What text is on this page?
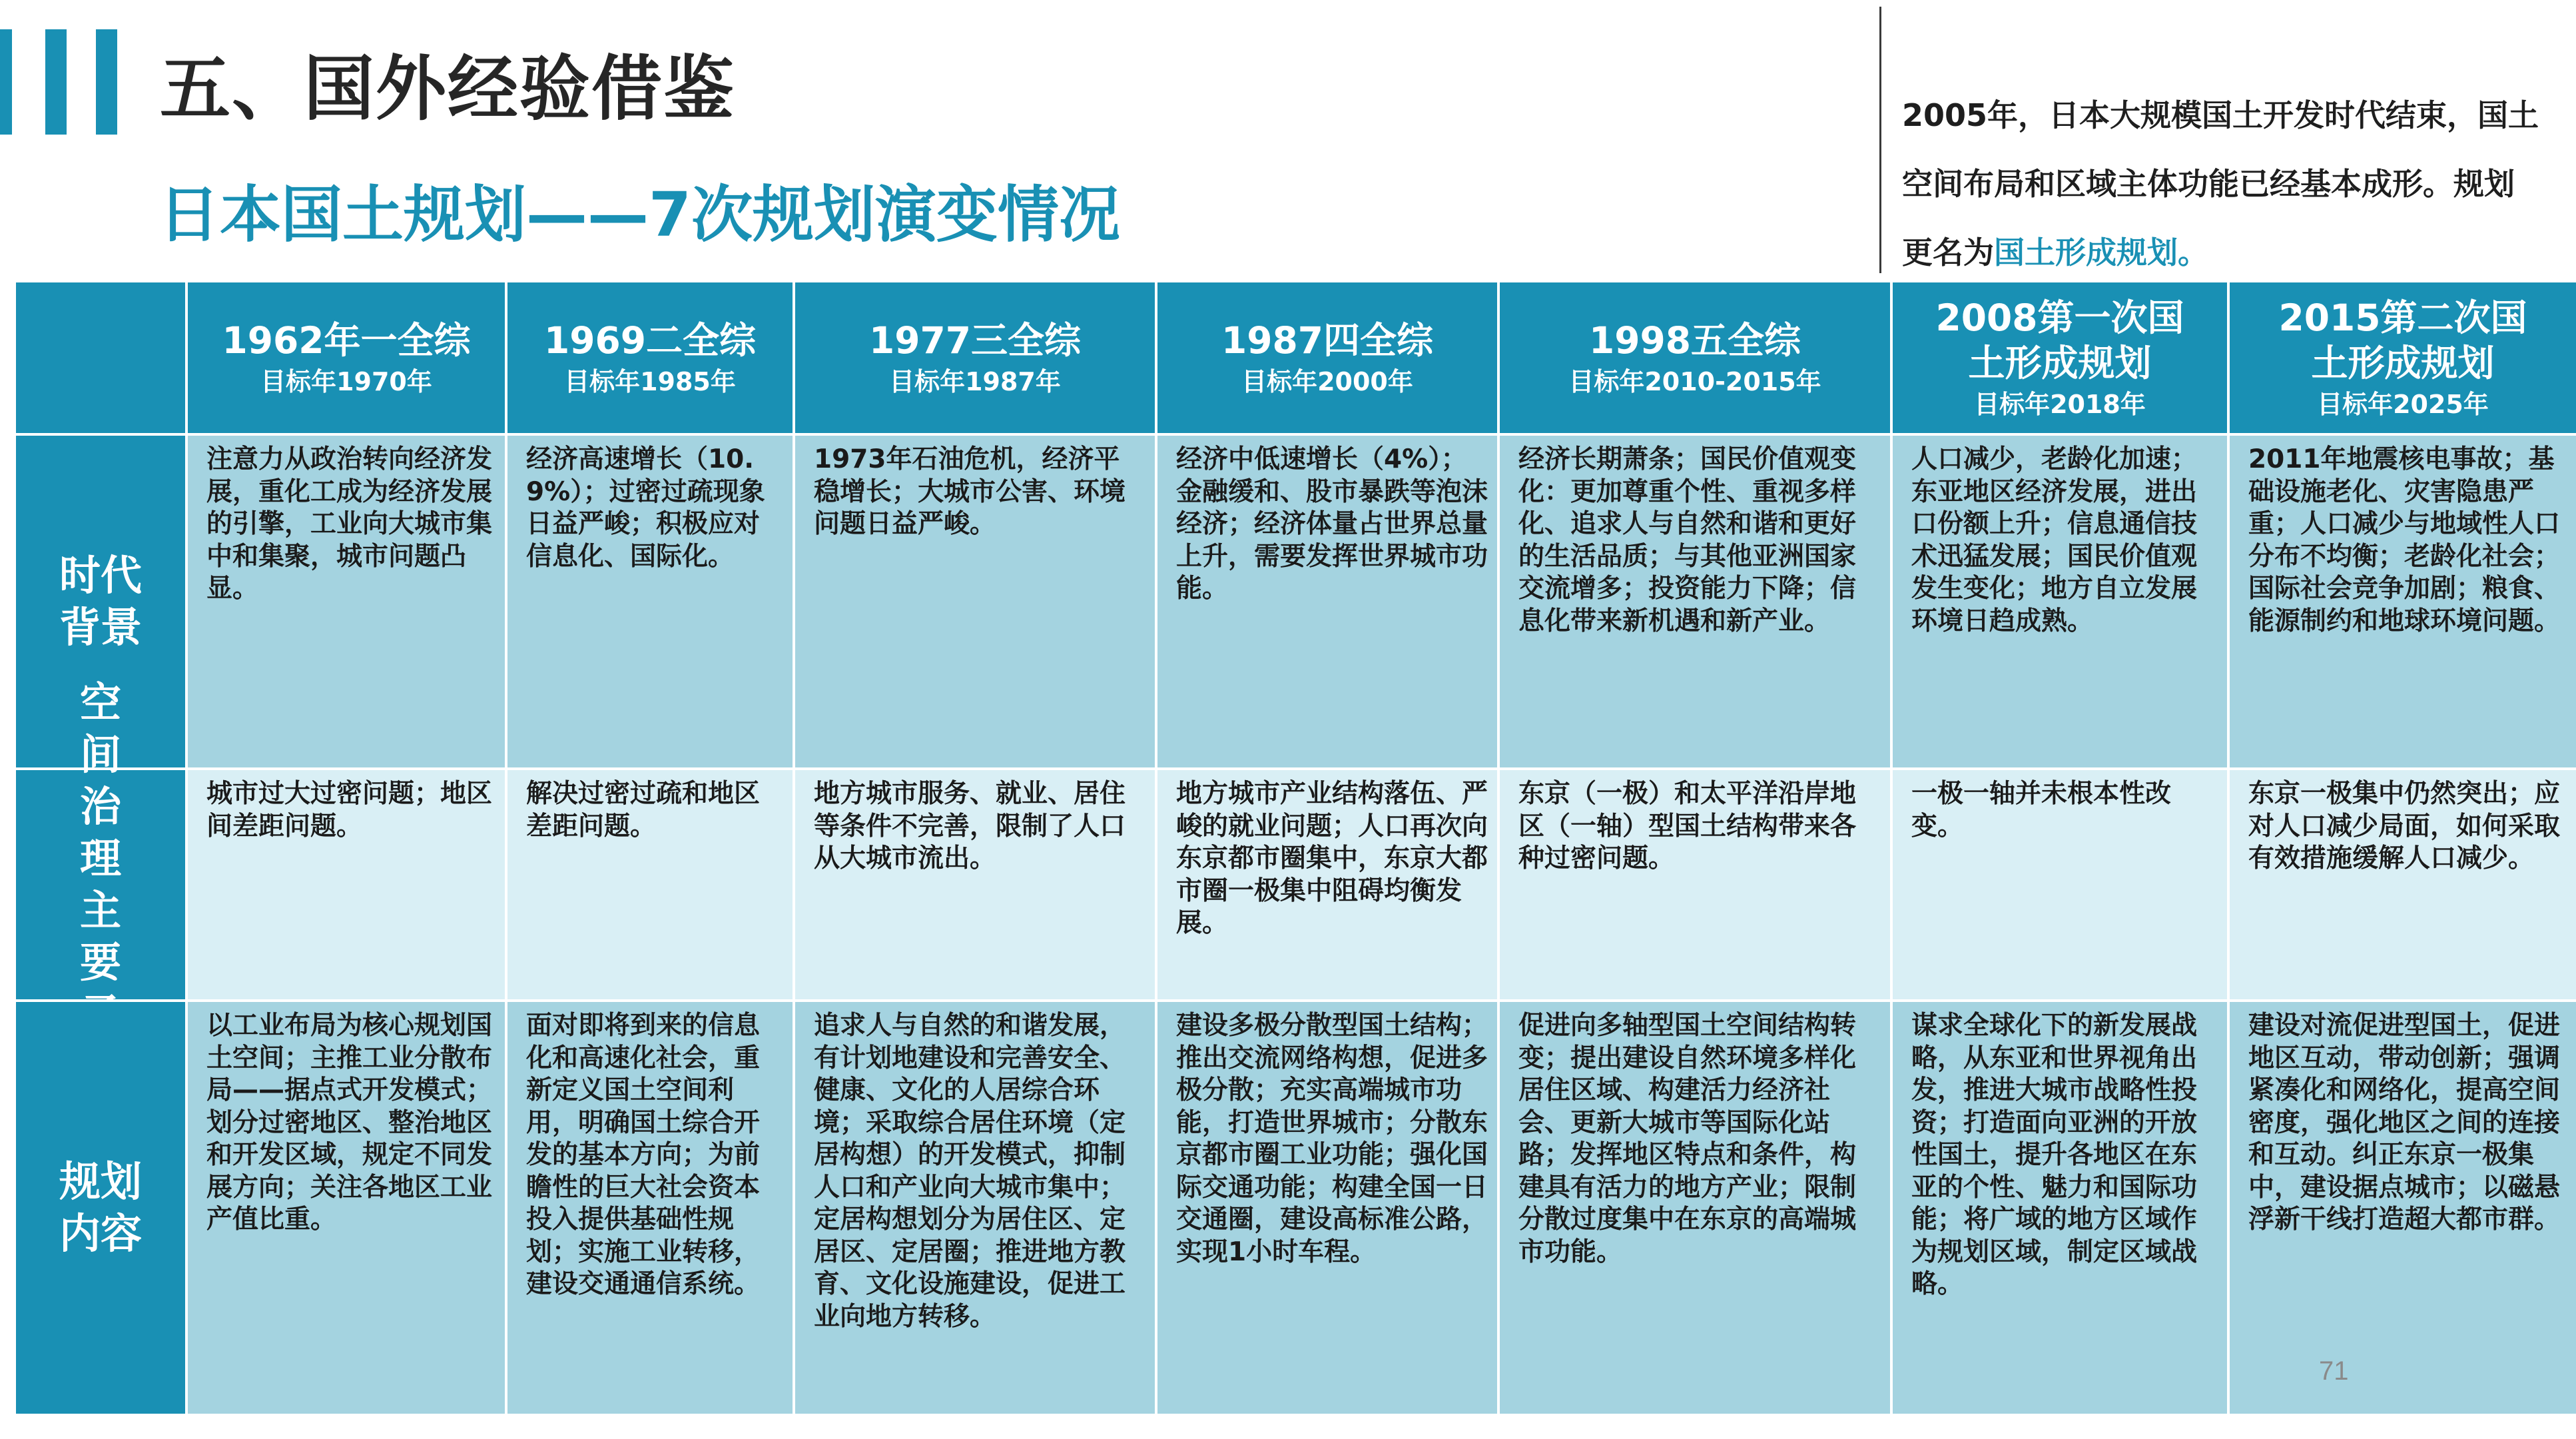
五、国外经验借鉴
日本国土规划——7次规划演变情况
2005年，日本大规模国土开发时代结束，国土空间布局和区域主体功能已经基本成形。规划更名为国土形成规划。
1962年一全综
目标年1970年
1969二全综
目标年1985年
1977三全综
目标年1987年
1987四全综
目标年2000年
1998五全综
目标年2010-2015年
2008第一次国土形成规划
目标年2018年
2015第二次国土形成规划
目标年2025年
时代背景
注意力从政治转向经济发展，重化工成为经济发展的引擎，工业向大城市集中和集聚，城市问题凸显。
经济高速增长（10.9%）；过密过疏现象日益严峻；积极应对信息化、国际化。
1973年石油危机，经济平稳增长；大城市公害、环境问题日益严峻。
经济中低速增长（4%）；金融缓和、股市暴跌等泡沫经济；经济体量占世界总量上升，需要发挥世界城市功能。
经济长期萧条；国民价值观变化：更加尊重个性、重视多样化、追求人与自然和谐和更好的生活品质；与其他亚洲国家交流增多；投资能力下降；信息化带来新机遇和新产业。
人口减少，老龄化加速；东亚地区经济发展，进出口份额上升；信息通信技术迅猛发展；国民价值观发生变化；地方自立发展环境日趋成熟。
2011年地震核电事故；基础设施老化、灾害隐患严重；人口减少与地域性人口分布不均衡；老龄化社会；国际社会竞争加剧；粮食、能源制约和地球环境问题。
空间治理主要
城市过大过密问题；地区间差距问题。
解决过密过疏和地区差距问题。
地方城市服务、就业、居住等条件不完善，限制了人口从大城市流出。
地方城市产业结构落伍、严峻的就业问题；人口再次向东京都市圈集中，东京大都市圈一极集中阻碍均衡发展。
东京（一极）和太平洋沿岸地区（一轴）型国土结构带来各种过密问题。
一极一轴并未根本性改变。
东京一极集中仍然突出；应对人口减少局面，如何采取有效措施缓解人口减少。
规划内容
以工业布局为核心规划国土空间；主推工业分散布局——据点式开发模式；划分过密地区、整治地区和开发区域，规定不同发展方向；关注各地区工业产值比重。
面对即将到来的信息化和高速化社会，重新定义国土空间利用，明确国土综合开发的基本方向；为前瞻性的巨大社会资本投入提供基础性规划；实施工业转移，建设交通通信系统。
追求人与自然的和谐发展，有计划地建设和完善安全、健康、文化的人居综合环境；采取综合居住环境（定居构想）的开发模式，抑制人口和产业向大城市集中；定居构想划分为居住区、定居区、定居圈；推进地方教育、文化设施建设，促进工业向地方转移。
建设多极分散型国土结构；推出交流网络构想，促进多极分散；充实高端城市功能，打造世界城市；分散东京都市圈工业功能；强化国际交通功能；构建全国一日交通圈，建设高标准公路，实现1小时车程。
促进向多轴型国土空间结构转变；提出建设自然环境多样化居住区域、构建活力经济社会、更新大城市等国际化站路；发挥地区特点和条件，构建具有活力的地方产业；限制分散过度集中在东京的高端城市功能。
谋求全球化下的新发展战略，从东亚和世界视角出发，推进大城市战略性投资；打造面向亚洲的开放性国土，提升各地区在东亚的个性、魅力和国际功能；将广域的地方区域作为规划区域，制定区域战略。
建设对流促进型国土，促进地区互动，带动创新；强调紧凑化和网络化，提高空间密度，强化地区之间的连接和互动。纠正东京一极集中，建设据点城市；以磁悬浮新干线打造超大都市群。
71
